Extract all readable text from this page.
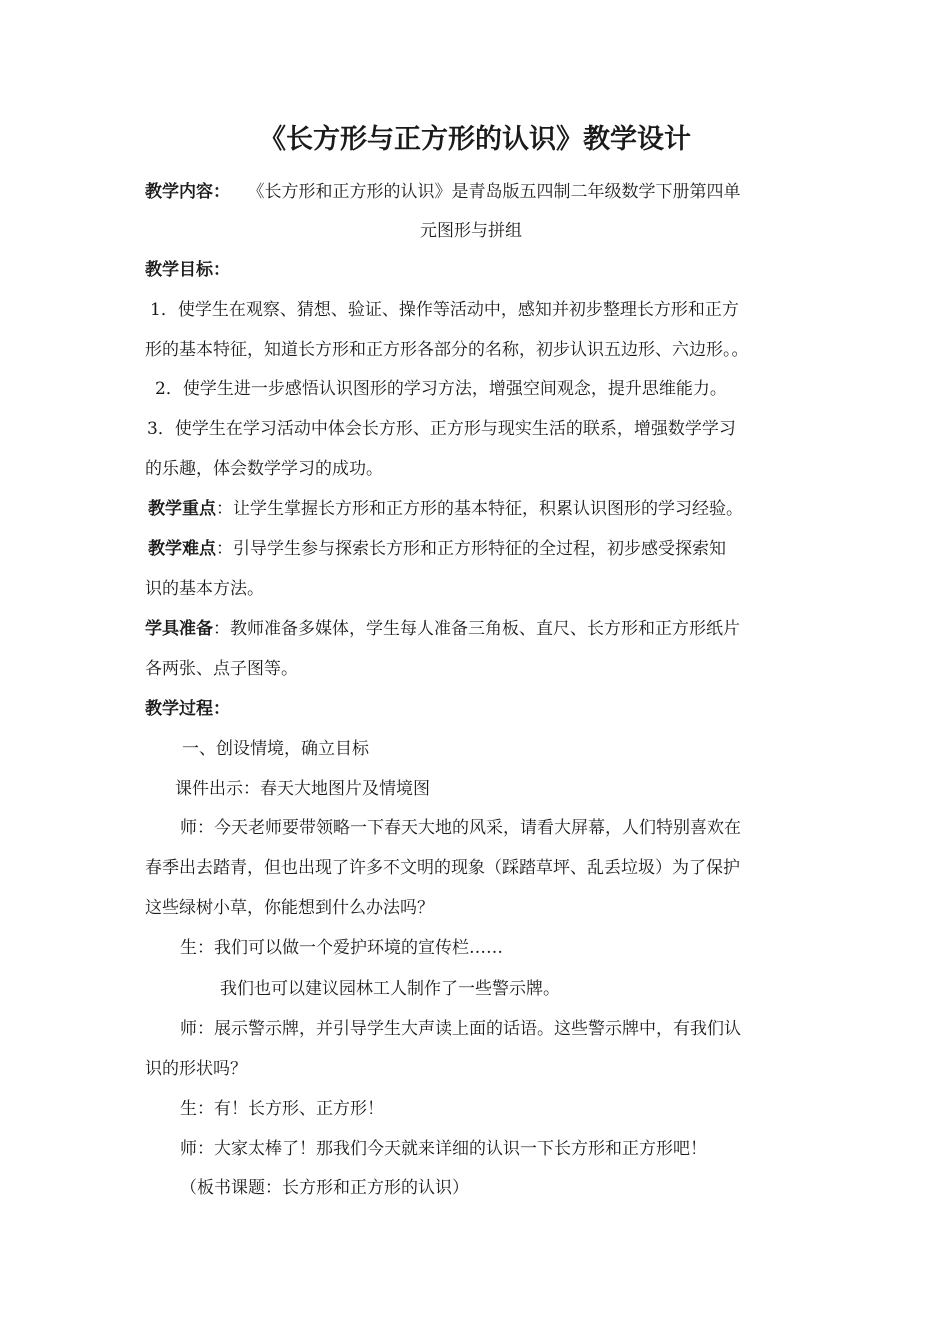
《长方形与正方形的认识》教学设计
教学内容： 《长方形和正方形的认识》是青岛版五四制二年级数学下册第四单
元图形与拼组
教学目标：
1．使学生在观察、猜想、验证、操作等活动中，感知并初步整理长方形和正方
形的基本特征，知道长方形和正方形各部分的名称，初步认识五边形、六边形。。
2．使学生进一步感悟认识图形的学习方法，增强空间观念，提升思维能力。
3．使学生在学习活动中体会长方形、正方形与现实生活的联系，增强数学学习
的乐趣，体会数学学习的成功。
教学重点：让学生掌握长方形和正方形的基本特征，积累认识图形的学习经验。
教学难点：引导学生参与探索长方形和正方形特征的全过程，初步感受探索知
识的基本方法。
学具准备：教师准备多媒体，学生每人准备三角板、直尺、长方形和正方形纸片
各两张、点子图等。
教学过程：
一、创设情境，确立目标
课件出示：春天大地图片及情境图
师：今天老师要带领略一下春天大地的风采，请看大屏幕，人们特别喜欢在
春季出去踏青，但也出现了许多不文明的现象（踩踏草坪、乱丢垃圾）为了保护
这些绿树小草，你能想到什么办法吗？
生：我们可以做一个爱护环境的宣传栏……
我们也可以建议园林工人制作了一些警示牌。
师：展示警示牌，并引导学生大声读上面的话语。这些警示牌中，有我们认
识的形状吗？
生：有！长方形、正方形！
师：大家太棒了！那我们今天就来详细的认识一下长方形和正方形吧！
（板书课题：长方形和正方形的认识）
